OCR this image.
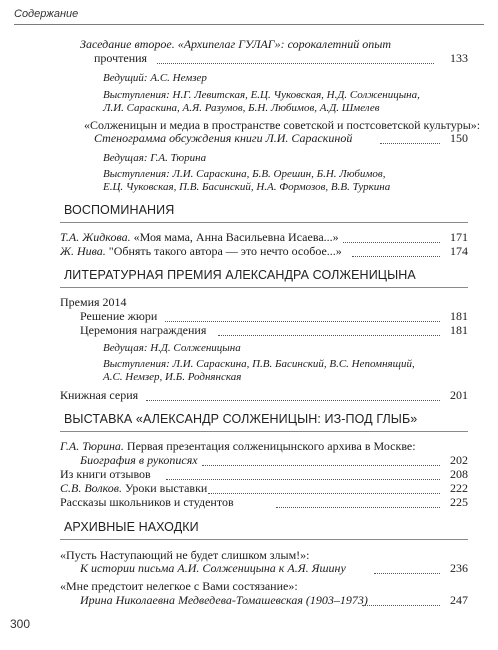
Содержание
Заседание второе. «Архипелаг ГУЛАГ»: сорокалетний опыт
прочтения	133
Ведущий: А.С. Немзер
Выступления: Н.Г. Левитская, Е.Ц. Чуковская, Н.Д. Солженицына,
Л.И. Сараскина, А.Я. Разумов, Б.Н. Любимов, А.Д. Шмелев
«Солженицын и медиа в пространстве советской и постсоветской культуры»:
Стенограмма обсуждения книги Л.И. Сараскиной	150
Ведущая: Г.А. Тюрина
Выступления: Л.И. Сараскина, Б.В. Орешин, Б.Н. Любимов,
Е.Ц. Чуковская, П.В. Басинский, Н.А. Формозов, В.В. Туркина
ВОСПОМИНАНИЯ
Т.А. Жидкова. «Моя мама, Анна Васильевна Исаева...»	171
Ж. Нива. "Обнять такого автора — это нечто особое...»	174
ЛИТЕРАТУРНАЯ ПРЕМИЯ АЛЕКСАНДРА СОЛЖЕНИЦЫНА
Премия 2014
Решение жюри	181
Церемония награждения	181
Ведущая: Н.Д. Солженицына
Выступления: Л.И. Сараскина, П.В. Басинский, В.С. Непомнящий,
А.С. Немзер, И.Б. Роднянская
Книжная серия	201
ВЫСТАВКА «АЛЕКСАНДР СОЛЖЕНИЦЫН: ИЗ-ПОД ГЛЫБ»
Г.А. Тюрина. Первая презентация солженицынского архива в Москве:
Биография в рукописях	202
Из книги отзывов	208
С.В. Волков. Уроки выставки	222
Рассказы школьников и студентов	225
АРХИВНЫЕ НАХОДКИ
«Пусть Наступающий не будет слишком злым!»:
К истории письма А.И. Солженицына к А.Я. Яшину	236
«Мне предстоит нелегкое с Вами состязание»:
Ирина Николаевна Медведева-Томашевская (1903–1973)	247
300
